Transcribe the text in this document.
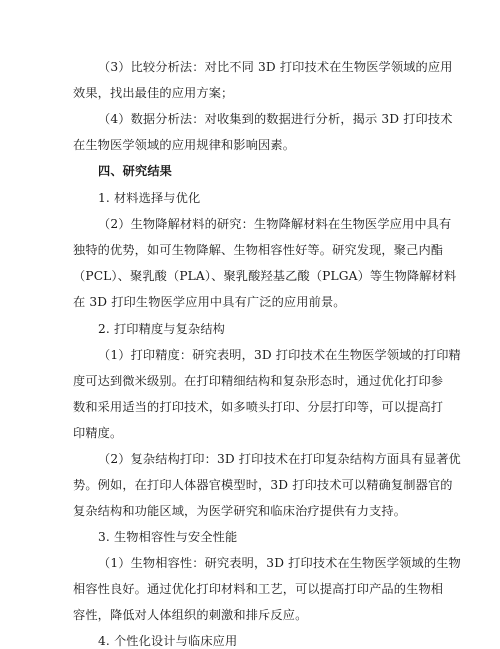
（3）比较分析法：对比不同 3D 打印技术在生物医学领域的应用
效果，找出最佳的应用方案；
（4）数据分析法：对收集到的数据进行分析，揭示 3D 打印技术
在生物医学领域的应用规律和影响因素。
四、研究结果
1. 材料选择与优化
（2）生物降解材料的研究：生物降解材料在生物医学应用中具有
独特的优势，如可生物降解、生物相容性好等。研究发现，聚己内酯
（PCL）、聚乳酸（PLA）、聚乳酸羟基乙酸（PLGA）等生物降解材料
在 3D 打印生物医学应用中具有广泛的应用前景。
2. 打印精度与复杂结构
（1）打印精度：研究表明，3D 打印技术在生物医学领域的打印精
度可达到微米级别。在打印精细结构和复杂形态时，通过优化打印参
数和采用适当的打印技术，如多喷头打印、分层打印等，可以提高打
印精度。
（2）复杂结构打印：3D 打印技术在打印复杂结构方面具有显著优
势。例如，在打印人体器官模型时，3D 打印技术可以精确复制器官的
复杂结构和功能区域，为医学研究和临床治疗提供有力支持。
3. 生物相容性与安全性能
（1）生物相容性：研究表明，3D 打印技术在生物医学领域的生物
相容性良好。通过优化打印材料和工艺，可以提高打印产品的生物相
容性，降低对人体组织的刺激和排斥反应。
4. 个性化设计与临床应用
